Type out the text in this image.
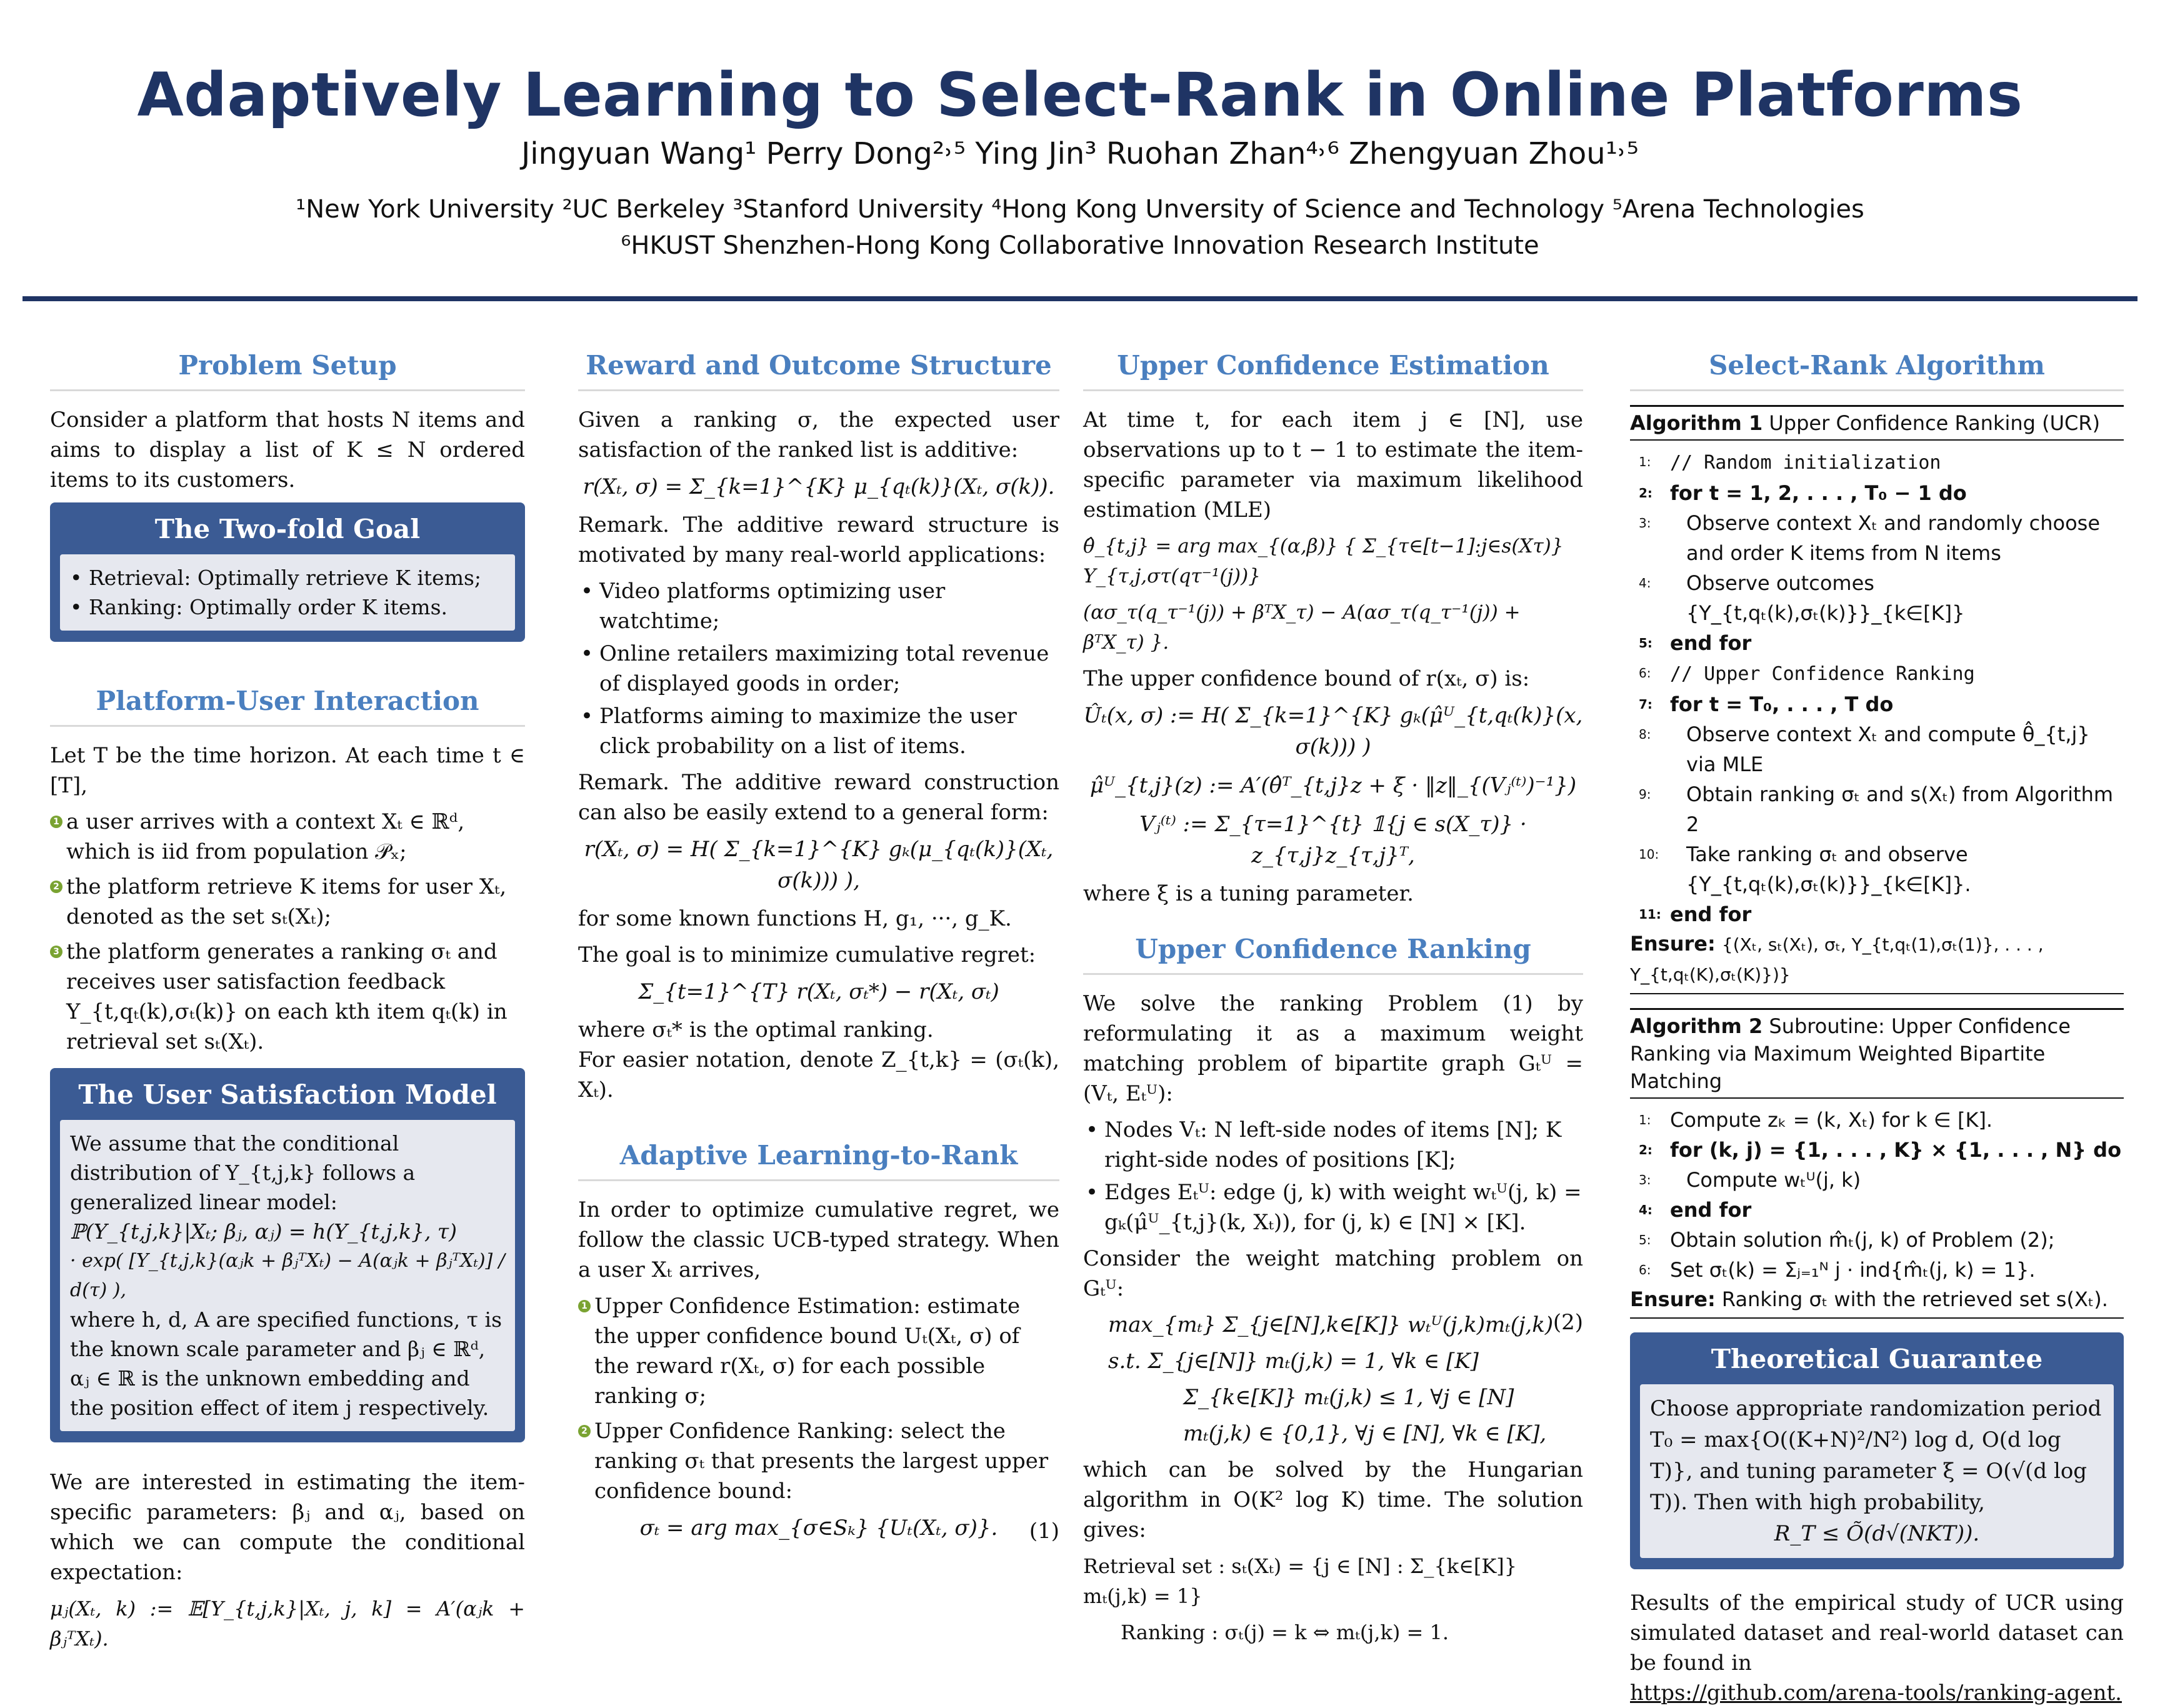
Adaptively Learning to Select-Rank in Online Platforms
Jingyuan Wang¹ Perry Dong²˒⁵ Ying Jin³ Ruohan Zhan⁴˒⁶ Zhengyuan Zhou¹˒⁵
¹New York University ²UC Berkeley ³Stanford University ⁴Hong Kong Unversity of Science and Technology ⁵Arena Technologies
⁶HKUST Shenzhen-Hong Kong Collaborative Innovation Research Institute
Problem Setup
Consider a platform that hosts N items and aims to display a list of K ≤ N ordered items to its customers.
The Two-fold Goal
• Retrieval: Optimally retrieve K items;
• Ranking: Optimally order K items.
Platform-User Interaction
Let T be the time horizon. At each time t ∈ [T],
1 a user arrives with a context Xₜ ∈ ℝᵈ, which is iid from population 𝒫ₓ;
2 the platform retrieve K items for user Xₜ, denoted as the set sₜ(Xₜ);
3 the platform generates a ranking σₜ and receives user satisfaction feedback Y_{t,qₜ(k),σₜ(k)} on each kth item qₜ(k) in retrieval set sₜ(Xₜ).
The User Satisfaction Model
We assume that the conditional distribution of Y_{t,j,k} follows a generalized linear model:
ℙ(Y_{t,j,k}|Xₜ; βⱼ, αⱼ) = h(Y_{t,j,k}, τ)
· exp( [Y_{t,j,k}(αⱼk + βⱼᵀXₜ) − A(αⱼk + βⱼᵀXₜ)] / d(τ) ),
where h, d, A are specified functions, τ is the known scale parameter and βⱼ ∈ ℝᵈ, αⱼ ∈ ℝ is the unknown embedding and the position effect of item j respectively.
We are interested in estimating the item-specific parameters: βⱼ and αⱼ, based on which we can compute the conditional expectation:
μⱼ(Xₜ, k) := 𝔼[Y_{t,j,k}|Xₜ, j, k] = A′(αⱼk + βⱼᵀXₜ).
Reward and Outcome Structure
Given a ranking σ, the expected user satisfaction of the ranked list is additive:
r(Xₜ, σ) = Σ_{k=1}^{K} μ_{qₜ(k)}(Xₜ, σ(k)).
Remark. The additive reward structure is motivated by many real-world applications:
• Video platforms optimizing user watchtime;
• Online retailers maximizing total revenue of displayed goods in order;
• Platforms aiming to maximize the user click probability on a list of items.
Remark. The additive reward construction can also be easily extend to a general form:
r(Xₜ, σ) = H( Σ_{k=1}^{K} gₖ(μ_{qₜ(k)}(Xₜ, σ(k))) ),
for some known functions H, g₁, ···, g_K.
The goal is to minimize cumulative regret:
Σ_{t=1}^{T} r(Xₜ, σₜ*) − r(Xₜ, σₜ)
where σₜ* is the optimal ranking.
For easier notation, denote Z_{t,k} = (σₜ(k), Xₜ).
Adaptive Learning-to-Rank
In order to optimize cumulative regret, we follow the classic UCB-typed strategy. When a user Xₜ arrives,
1 Upper Confidence Estimation: estimate the upper confidence bound Uₜ(Xₜ, σ) of the reward r(Xₜ, σ) for each possible ranking σ;
2 Upper Confidence Ranking: select the ranking σₜ that presents the largest upper confidence bound:
σₜ = arg max_{σ∈Sₖ} {Uₜ(Xₜ, σ)}.	(1)
Upper Confidence Estimation
At time t, for each item j ∈ [N], use observations up to t − 1 to estimate the item-specific parameter via maximum likelihood estimation (MLE)
θ̂_{t,j} = arg max_{(α,β)} { Σ_{τ∈[t−1]:j∈s(Xτ)} Y_{τ,j,στ(qτ⁻¹(j))}
(ασ_τ(q_τ⁻¹(j)) + βᵀX_τ) − A(ασ_τ(q_τ⁻¹(j)) + βᵀX_τ) }.
The upper confidence bound of r(xₜ, σ) is:
Ûₜ(x, σ) := H( Σ_{k=1}^{K} gₖ(μ̂ᵁ_{t,qₜ(k)}(x, σ(k))) )
μ̂ᵁ_{t,j}(z) := A′(θ̂ᵀ_{t,j}z + ξ · ‖z‖_{(Vⱼ⁽ᵗ⁾)⁻¹})
Vⱼ⁽ᵗ⁾ := Σ_{τ=1}^{t} 𝟙{j ∈ s(X_τ)} · z_{τ,j}z_{τ,j}ᵀ,
where ξ is a tuning parameter.
Upper Confidence Ranking
We solve the ranking Problem (1) by reformulating it as a maximum weight matching problem of bipartite graph Gₜᵁ = (Vₜ, Eₜᵁ):
• Nodes Vₜ: N left-side nodes of items [N]; K right-side nodes of positions [K];
• Edges Eₜᵁ: edge (j, k) with weight wₜᵁ(j, k) = gₖ(μ̂ᵁ_{t,j}(k, Xₜ)), for (j, k) ∈ [N] × [K].
Consider the weight matching problem on Gₜᵁ:
max_{mₜ} Σ_{j∈[N],k∈[K]} wₜᵁ(j,k)mₜ(j,k) (2)
s.t. Σ_{j∈[N]} mₜ(j,k) = 1, ∀k ∈ [K]
Σ_{k∈[K]} mₜ(j,k) ≤ 1, ∀j ∈ [N]
mₜ(j,k) ∈ {0,1}, ∀j ∈ [N], ∀k ∈ [K],
which can be solved by the Hungarian algorithm in O(K² log K) time. The solution gives:
Retrieval set : sₜ(Xₜ) = {j ∈ [N] : Σ_{k∈[K]} mₜ(j,k) = 1}
Ranking : σₜ(j) = k ⇔ mₜ(j,k) = 1.
Select-Rank Algorithm
Algorithm 1 Upper Confidence Ranking (UCR)
1: // Random initialization
2: for t = 1, 2, . . . , T₀ − 1 do
3: Observe context Xₜ and randomly choose and order K items from N items
4: Observe outcomes {Y_{t,qₜ(k),σₜ(k)}}_{k∈[K]}
5: end for
6: // Upper Confidence Ranking
7: for t = T₀, . . . , T do
8: Observe context Xₜ and compute θ̂_{t,j} via MLE
9: Obtain ranking σₜ and s(Xₜ) from Algorithm 2
10: Take ranking σₜ and observe {Y_{t,qₜ(k),σₜ(k)}}_{k∈[K]}.
11: end for
Ensure: {(Xₜ, sₜ(Xₜ), σₜ, Y_{t,qₜ(1),σₜ(1)}, . . . , Y_{t,qₜ(K),σₜ(K)})}
Algorithm 2 Subroutine: Upper Confidence Ranking via Maximum Weighted Bipartite Matching
1: Compute zₖ = (k, Xₜ) for k ∈ [K].
2: for (k, j) = {1, . . . , K} × {1, . . . , N} do
3: Compute wₜᵁ(j, k)
4: end for
5: Obtain solution m̂ₜ(j, k) of Problem (2);
6: Set σₜ(k) = Σⱼ₌₁ᴺ j · ind{m̂ₜ(j, k) = 1}.
Ensure: Ranking σₜ with the retrieved set s(Xₜ).
Theoretical Guarantee
Choose appropriate randomization period T₀ = max{O((K+N)²/N²) log d, O(d log T)}, and tuning parameter ξ = O(√(d log T)). Then with high probability,
R_T ≤ Õ(d√(NKT)).
Results of the empirical study of UCR using simulated dataset and real-world dataset can be found in
https://github.com/arena-tools/ranking-agent.
